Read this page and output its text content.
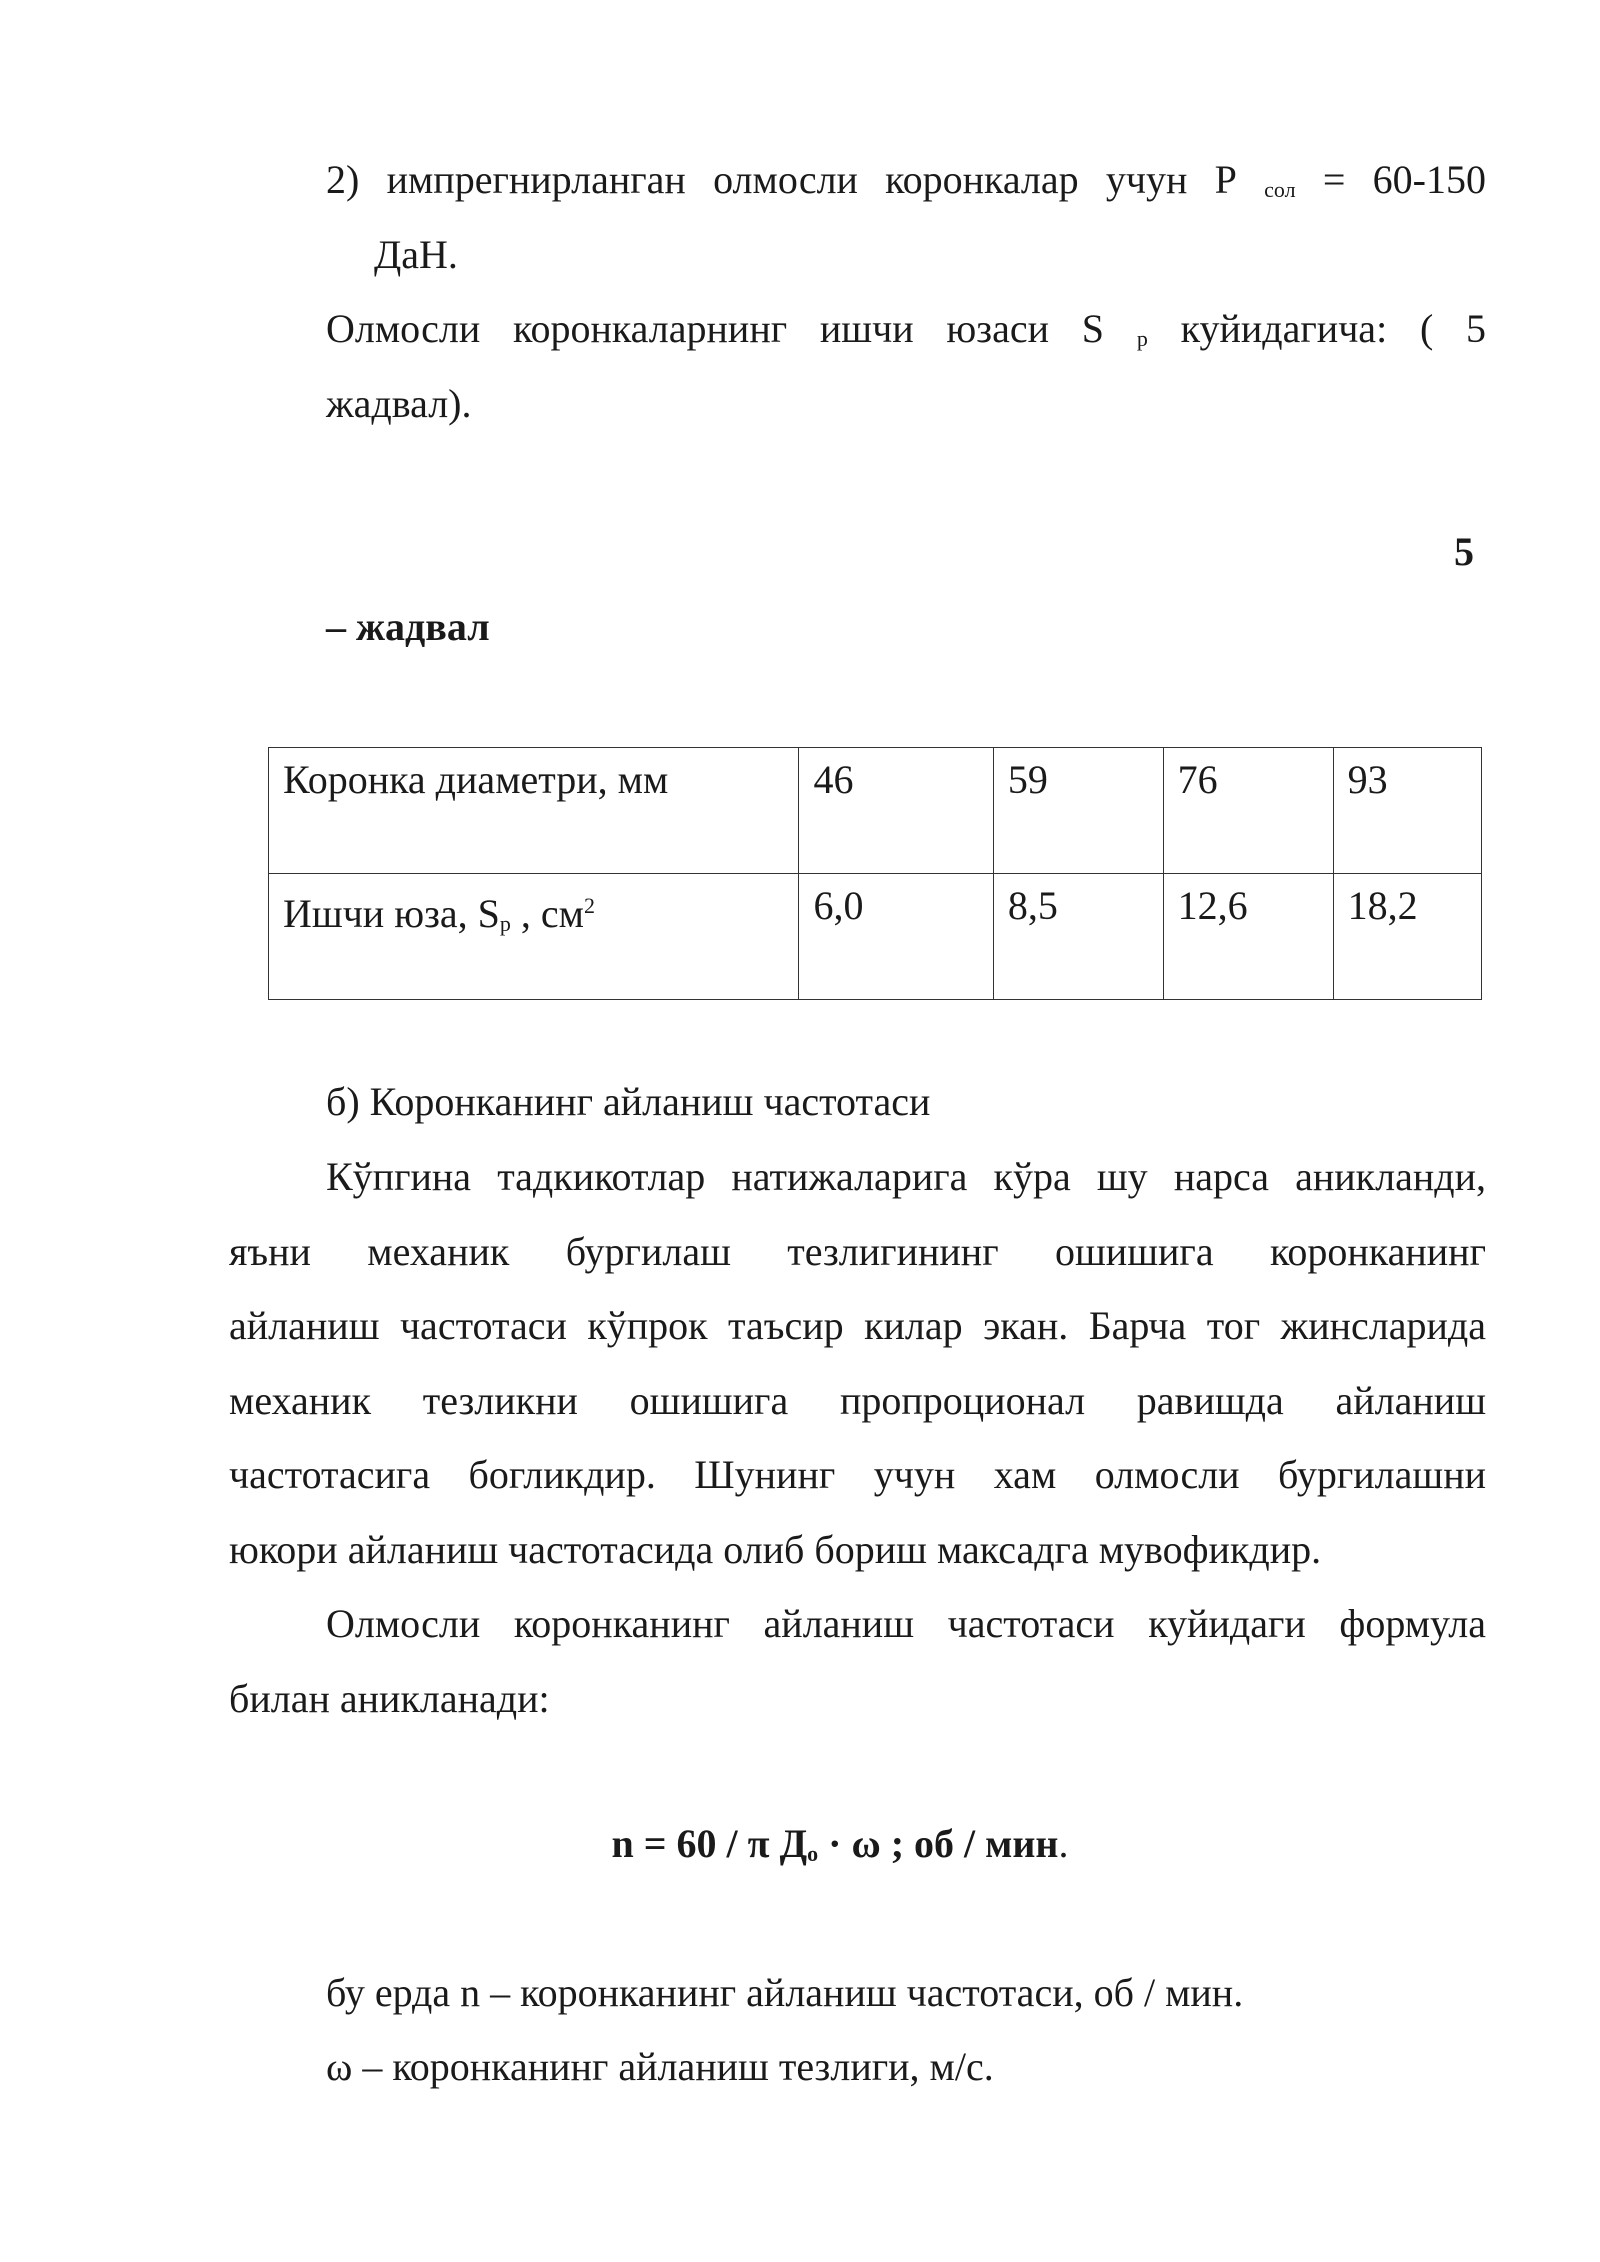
2) импрегнирланган олмосли коронкалар учун Р сол = 60-150
ДаН.
Олмосли коронкаларнинг ишчи юзаси S р куйидагича: ( 5
жадвал).
5
– жадвал
Коронка диаметри, мм	46	59	76	93
Ишчи юза, Sр , $см^2$	6,0	8,5	12,6	18,2
б) Коронканинг айланиш частотаси
Кўпгина тадкикотлар натижаларига кўра шу нарса аникланди,
яъни механик бургилаш тезлигининг ошишига коронканинг
айланиш частотаси кўпрок таъсир килар экан. Барча тог жинсларида
механик тезликни ошишига пропроционал равишда айланиш
частотасига богликдир. Шунинг учун хам олмосли бургилашни
юкори айланиш частотасида олиб бориш максадга мувофикдир.
Олмосли коронканинг айланиш частотаси куйидаги формула
билан аникланади:
n = 60 / π До · ω ; об / мин.
бу ерда n – коронканинг айланиш частотаси, об / мин.
ω – коронканинг айланиш тезлиги, м/с.
